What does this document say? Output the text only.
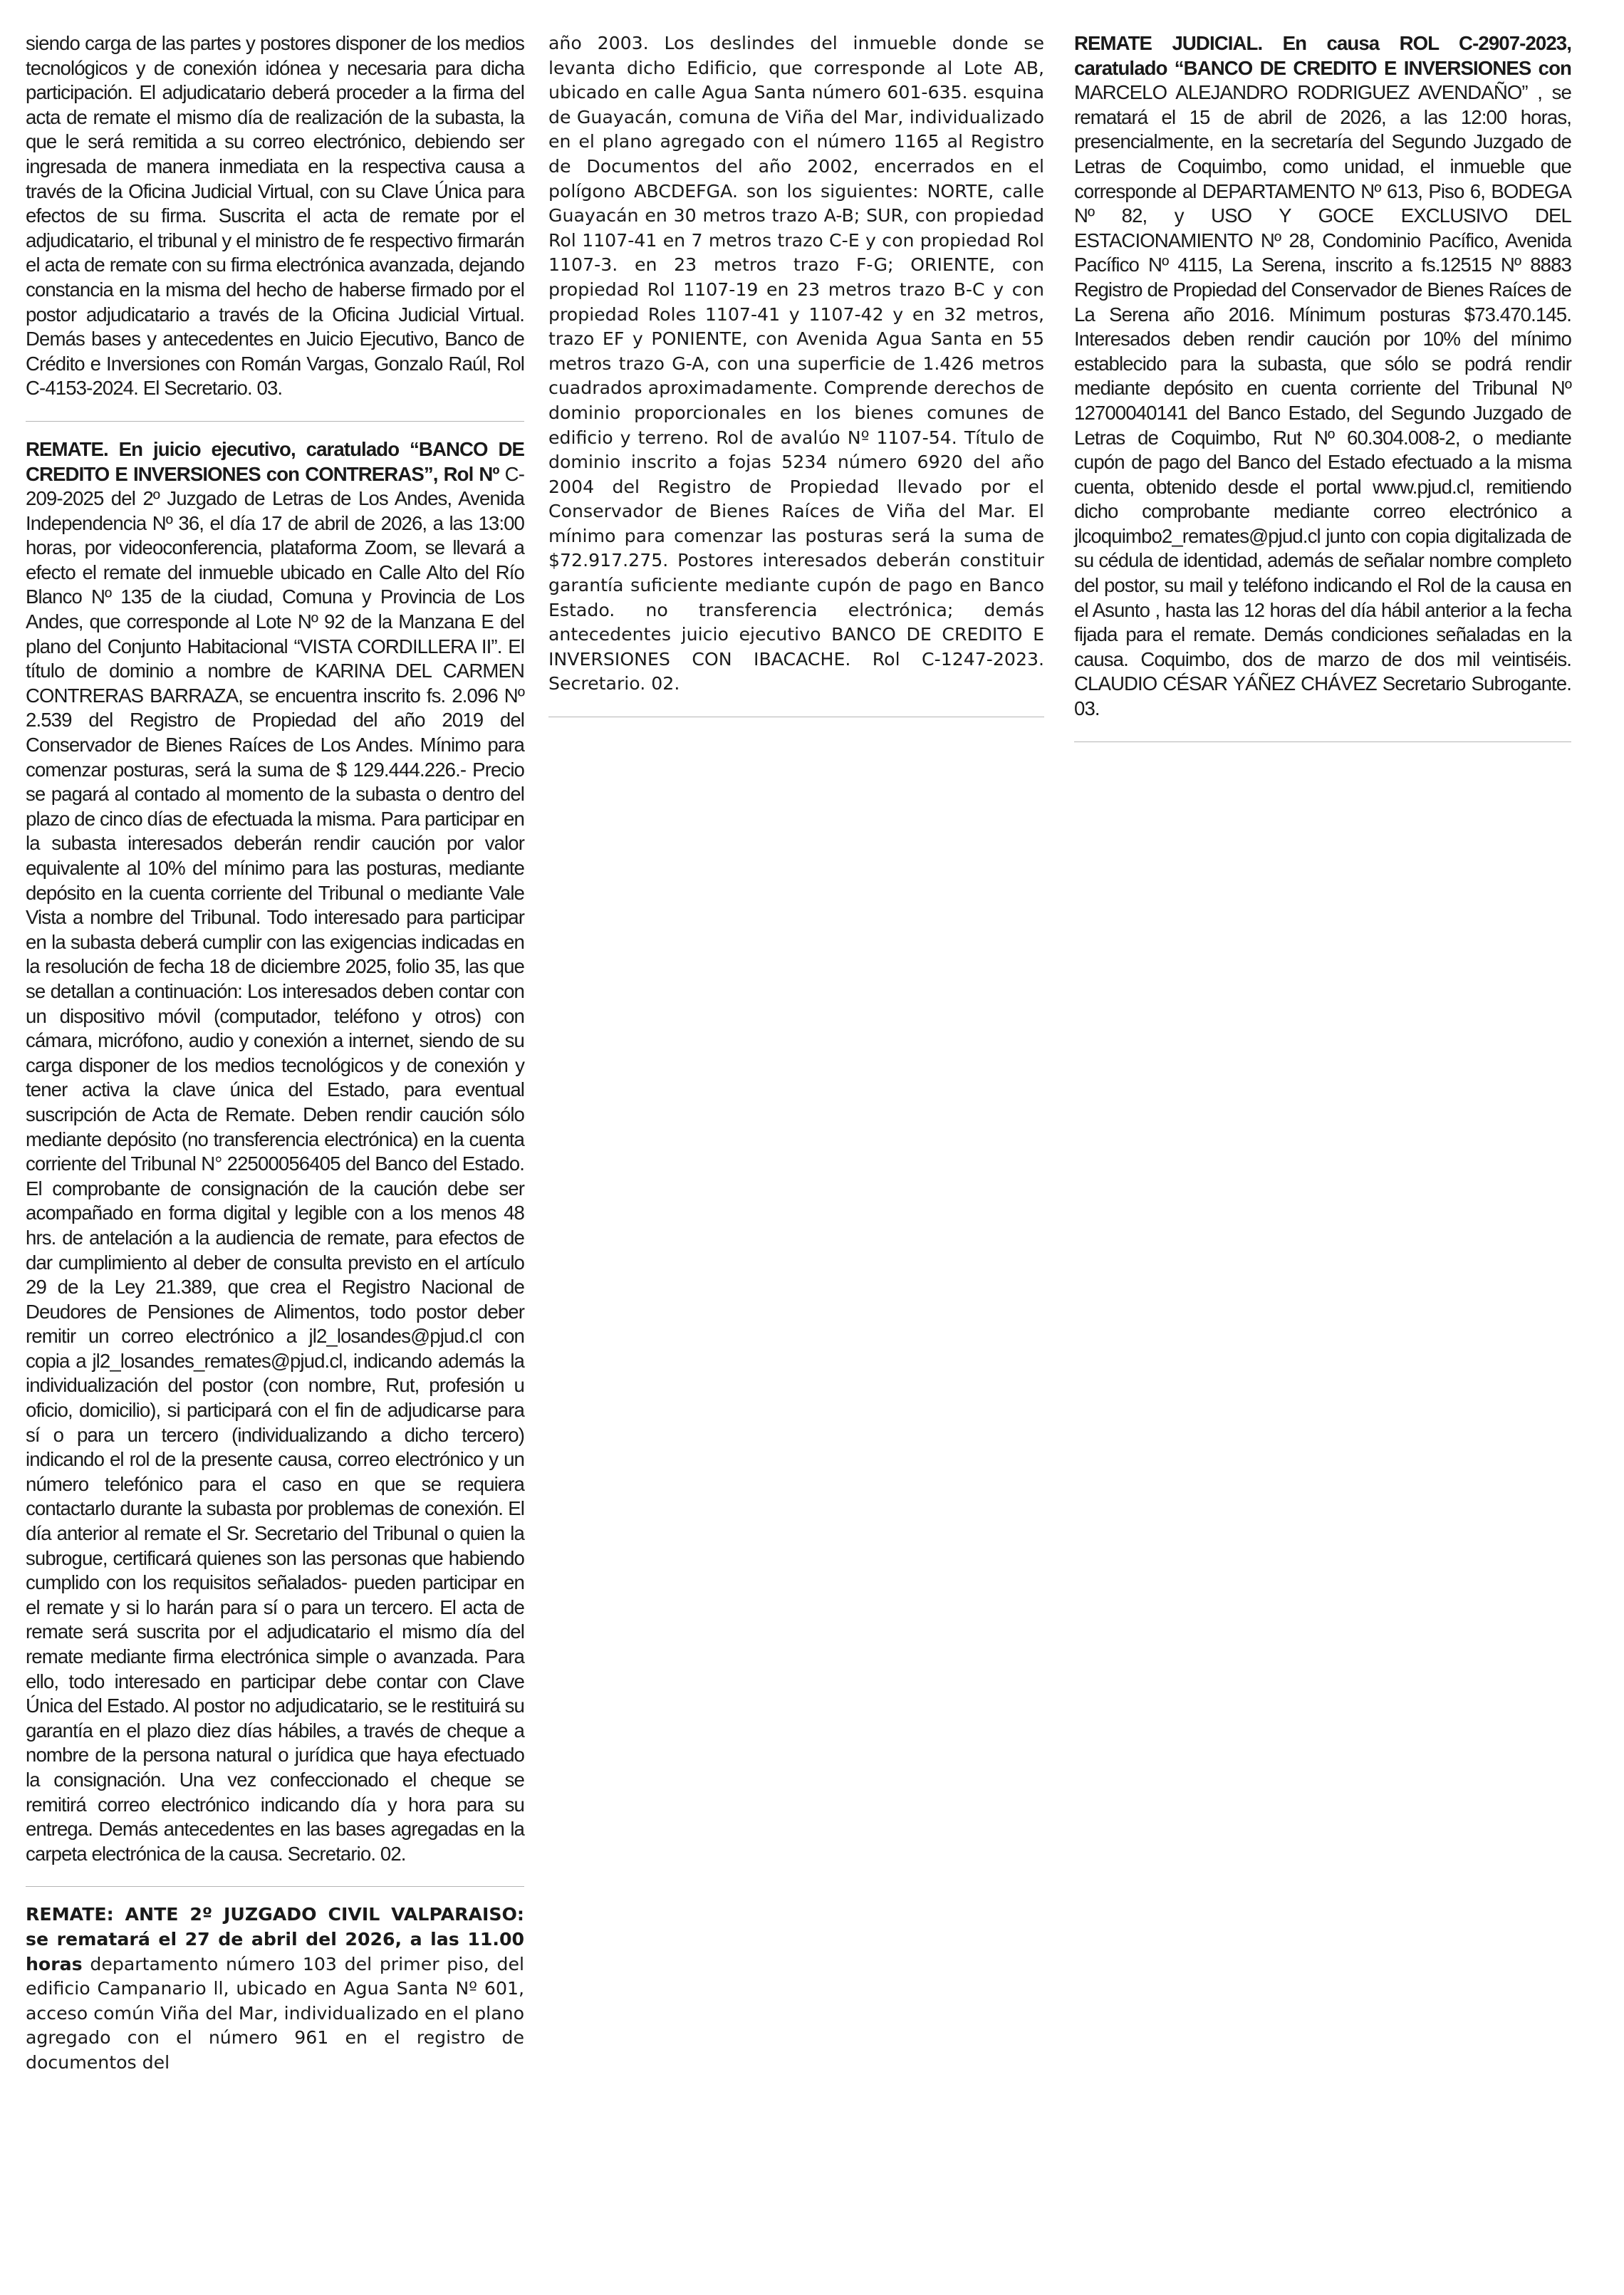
siendo carga de las partes y postores disponer de los medios tecnológicos y de conexión idónea y necesaria para dicha participación. El adjudicatario deberá proceder a la firma del acta de remate el mismo día de realización de la subasta, la que le será remitida a su correo electrónico, debiendo ser ingresada de manera inmediata en la respectiva causa a través de la Oficina Judicial Virtual, con su Clave Única para efectos de su firma. Suscrita el acta de remate por el adjudicatario, el tribunal y el ministro de fe respectivo firmarán el acta de remate con su firma electrónica avanzada, dejando constancia en la misma del hecho de haberse firmado por el postor adjudicatario a través de la Oficina Judicial Virtual. Demás bases y antecedentes en Juicio Ejecutivo, Banco de Crédito e Inversiones con Román Vargas, Gonzalo Raúl, Rol C-4153-2024. El Secretario. 03.

REMATE. En juicio ejecutivo, caratulado “BANCO DE CREDITO E INVERSIONES con CONTRERAS”, Rol Nº C-209-2025 del 2º Juzgado de Letras de Los Andes, Avenida Independencia Nº 36, el día 17 de abril de 2026, a las 13:00 horas, por videoconferencia, plataforma Zoom, se llevará a efecto el remate del inmueble ubicado en Calle Alto del Río Blanco Nº 135 de la ciudad, Comuna y Provincia de Los Andes, que corresponde al Lote Nº 92 de la Manzana E del plano del Conjunto Habitacional “VISTA CORDILLERA II”. El título de dominio a nombre de KARINA DEL CARMEN CONTRERAS BARRAZA, se encuentra inscrito fs. 2.096 Nº 2.539 del Registro de Propiedad del año 2019 del Conservador de Bienes Raíces de Los Andes. Mínimo para comenzar posturas, será la suma de $ 129.444.226.- Precio se pagará al contado al momento de la subasta o dentro del plazo de cinco días de efectuada la misma. Para participar en la subasta interesados deberán rendir caución por valor equivalente al 10% del mínimo para las posturas, mediante depósito en la cuenta corriente del Tribunal o mediante Vale Vista a nombre del Tribunal. Todo interesado para participar en la subasta deberá cumplir con las exigencias indicadas en la resolución de fecha 18 de diciembre 2025, folio 35, las que se detallan a continuación: Los interesados deben contar con un dispositivo móvil (computador, teléfono y otros) con cámara, micrófono, audio y conexión a internet, siendo de su carga disponer de los medios tecnológicos y de conexión y tener activa la clave única del Estado, para eventual suscripción de Acta de Remate. Deben rendir caución sólo mediante depósito (no transferencia electrónica) en la cuenta corriente del Tribunal N° 22500056405 del Banco del Estado. El comprobante de consignación de la caución debe ser acompañado en forma digital y legible con a los menos 48 hrs. de antelación a la audiencia de remate, para efectos de dar cumplimiento al deber de consulta previsto en el artículo 29 de la Ley 21.389, que crea el Registro Nacional de Deudores de Pensiones de Alimentos, todo postor deber remitir un correo electrónico a jl2_losandes@pjud.cl con copia a jl2_losandes_remates@pjud.cl, indicando además la individualización del postor (con nombre, Rut, profesión u oficio, domicilio), si participará con el fin de adjudicarse para sí o para un tercero (individualizando a dicho tercero) indicando el rol de la presente causa, correo electrónico y un número telefónico para el caso en que se requiera contactarlo durante la subasta por problemas de conexión. El día anterior al remate el Sr. Secretario del Tribunal o quien la subrogue, certificará quienes son las personas que habiendo cumplido con los requisitos señalados- pueden participar en el remate y si lo harán para sí o para un tercero. El acta de remate será suscrita por el adjudicatario el mismo día del remate mediante firma electrónica simple o avanzada. Para ello, todo interesado en participar debe contar con Clave Única del Estado. Al postor no adjudicatario, se le restituirá su garantía en el plazo diez días hábiles, a través de cheque a nombre de la persona natural o jurídica que haya efectuado la consignación. Una vez confeccionado el cheque se remitirá correo electrónico indicando día y hora para su entrega. Demás antecedentes en las bases agregadas en la carpeta electrónica de la causa. Secretario. 02.

REMATE: ANTE 2º JUZGADO CIVIL VALPARAISO: se rematará el 27 de abril del 2026, a las 11.00 horas departamento número 103 del primer piso, del edificio Campanario ll, ubicado en Agua Santa Nº 601, acceso común Viña del Mar, individualizado en el plano agregado con el número 961 en el registro de documentos del

año 2003. Los deslindes del inmueble donde se levanta dicho Edificio, que corresponde al Lote AB, ubicado en calle Agua Santa número 601-635. esquina de Guayacán, comuna de Viña del Mar, individualizado en el plano agregado con el número 1165 al Registro de Documentos del año 2002, encerrados en el polígono ABCDEFGA. son los siguientes: NORTE, calle Guayacán en 30 metros trazo A-B; SUR, con propiedad Rol 1107-41 en 7 metros trazo C-E y con propiedad Rol 1107-3. en 23 metros trazo F-G; ORIENTE, con propiedad Rol 1107-19 en 23 metros trazo B-C y con propiedad Roles 1107-41 y 1107-42 y en 32 metros, trazo EF y PONIENTE, con Avenida Agua Santa en 55 metros trazo G-A, con una superficie de 1.426 metros cuadrados aproximadamente. Comprende derechos de dominio proporcionales en los bienes comunes de edificio y terreno. Rol de avalúo Nº 1107-54. Título de dominio inscrito a fojas 5234 número 6920 del año 2004 del Registro de Propiedad llevado por el Conservador de Bienes Raíces de Viña del Mar. El mínimo para comenzar las posturas será la suma de $72.917.275. Postores interesados deberán constituir garantía suficiente mediante cupón de pago en Banco Estado. no transferencia electrónica; demás antecedentes juicio ejecutivo BANCO DE CREDITO E INVERSIONES CON IBACACHE. Rol C-1247-2023. Secretario. 02.

REMATE JUDICIAL. En causa ROL C-2907-2023, caratulado “BANCO DE CREDITO E INVERSIONES con MARCELO ALEJANDRO RODRIGUEZ AVENDAÑO” , se rematará el 15 de abril de 2026, a las 12:00 horas, presencialmente, en la secretaría del Segundo Juzgado de Letras de Coquimbo, como unidad, el inmueble que corresponde al DEPARTAMENTO Nº 613, Piso 6, BODEGA Nº 82, y USO Y GOCE EXCLUSIVO DEL ESTACIONAMIENTO Nº 28, Condominio Pacífico, Avenida Pacífico Nº 4115, La Serena, inscrito a fs.12515 Nº 8883 Registro de Propiedad del Conservador de Bienes Raíces de La Serena año 2016. Mínimum posturas $73.470.145. Interesados deben rendir caución por 10% del mínimo establecido para la subasta, que sólo se podrá rendir mediante depósito en cuenta corriente del Tribunal Nº 12700040141 del Banco Estado, del Segundo Juzgado de Letras de Coquimbo, Rut Nº 60.304.008-2, o mediante cupón de pago del Banco del Estado efectuado a la misma cuenta, obtenido desde el portal www.pjud.cl, remitiendo dicho comprobante mediante correo electrónico a jlcoquimbo2_remates@pjud.cl junto con copia digitalizada de su cédula de identidad, además de señalar nombre completo del postor, su mail y teléfono indicando el Rol de la causa en el Asunto , hasta las 12 horas del día hábil anterior a la fecha fijada para el remate. Demás condiciones señaladas en la causa. Coquimbo, dos de marzo de dos mil veintiséis. CLAUDIO CÉSAR YÁÑEZ CHÁVEZ Secretario Subrogante. 03.
